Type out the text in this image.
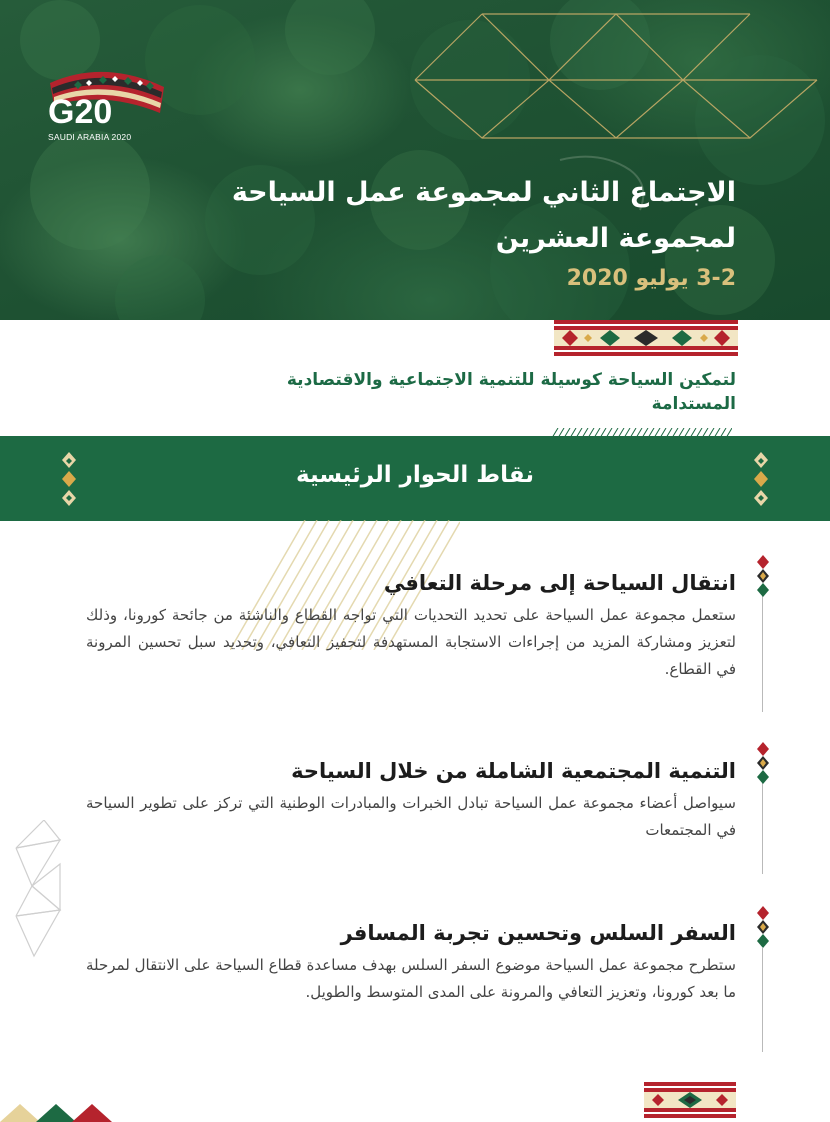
G20
SAUDI ARABIA 2020
الاجتماع الثاني لمجموعة عمل السياحة لمجموعة العشرين
3-2 يوليو 2020
لتمكين السياحة كوسيلة للتنمية الاجتماعية والاقتصادية المستدامة
نقاط الحوار الرئيسية
انتقال السياحة إلى مرحلة التعافي
ستعمل مجموعة عمل السياحة على تحديد التحديات التي تواجه القطاع والناشئة من جائحة كورونا، وذلك لتعزيز ومشاركة المزيد من إجراءات الاستجابة المستهدفة لتحفيز التعافي، وتحديد سبل تحسين المرونة في القطاع.
التنمية المجتمعية الشاملة من خلال السياحة
سيواصل أعضاء مجموعة عمل السياحة تبادل الخبرات والمبادرات الوطنية التي تركز على تطوير السياحة في المجتمعات
السفر السلس وتحسين تجربة المسافر
ستطرح مجموعة عمل السياحة موضوع السفر السلس بهدف مساعدة قطاع السياحة على الانتقال لمرحلة ما بعد كورونا، وتعزيز التعافي والمرونة على المدى المتوسط والطويل.
